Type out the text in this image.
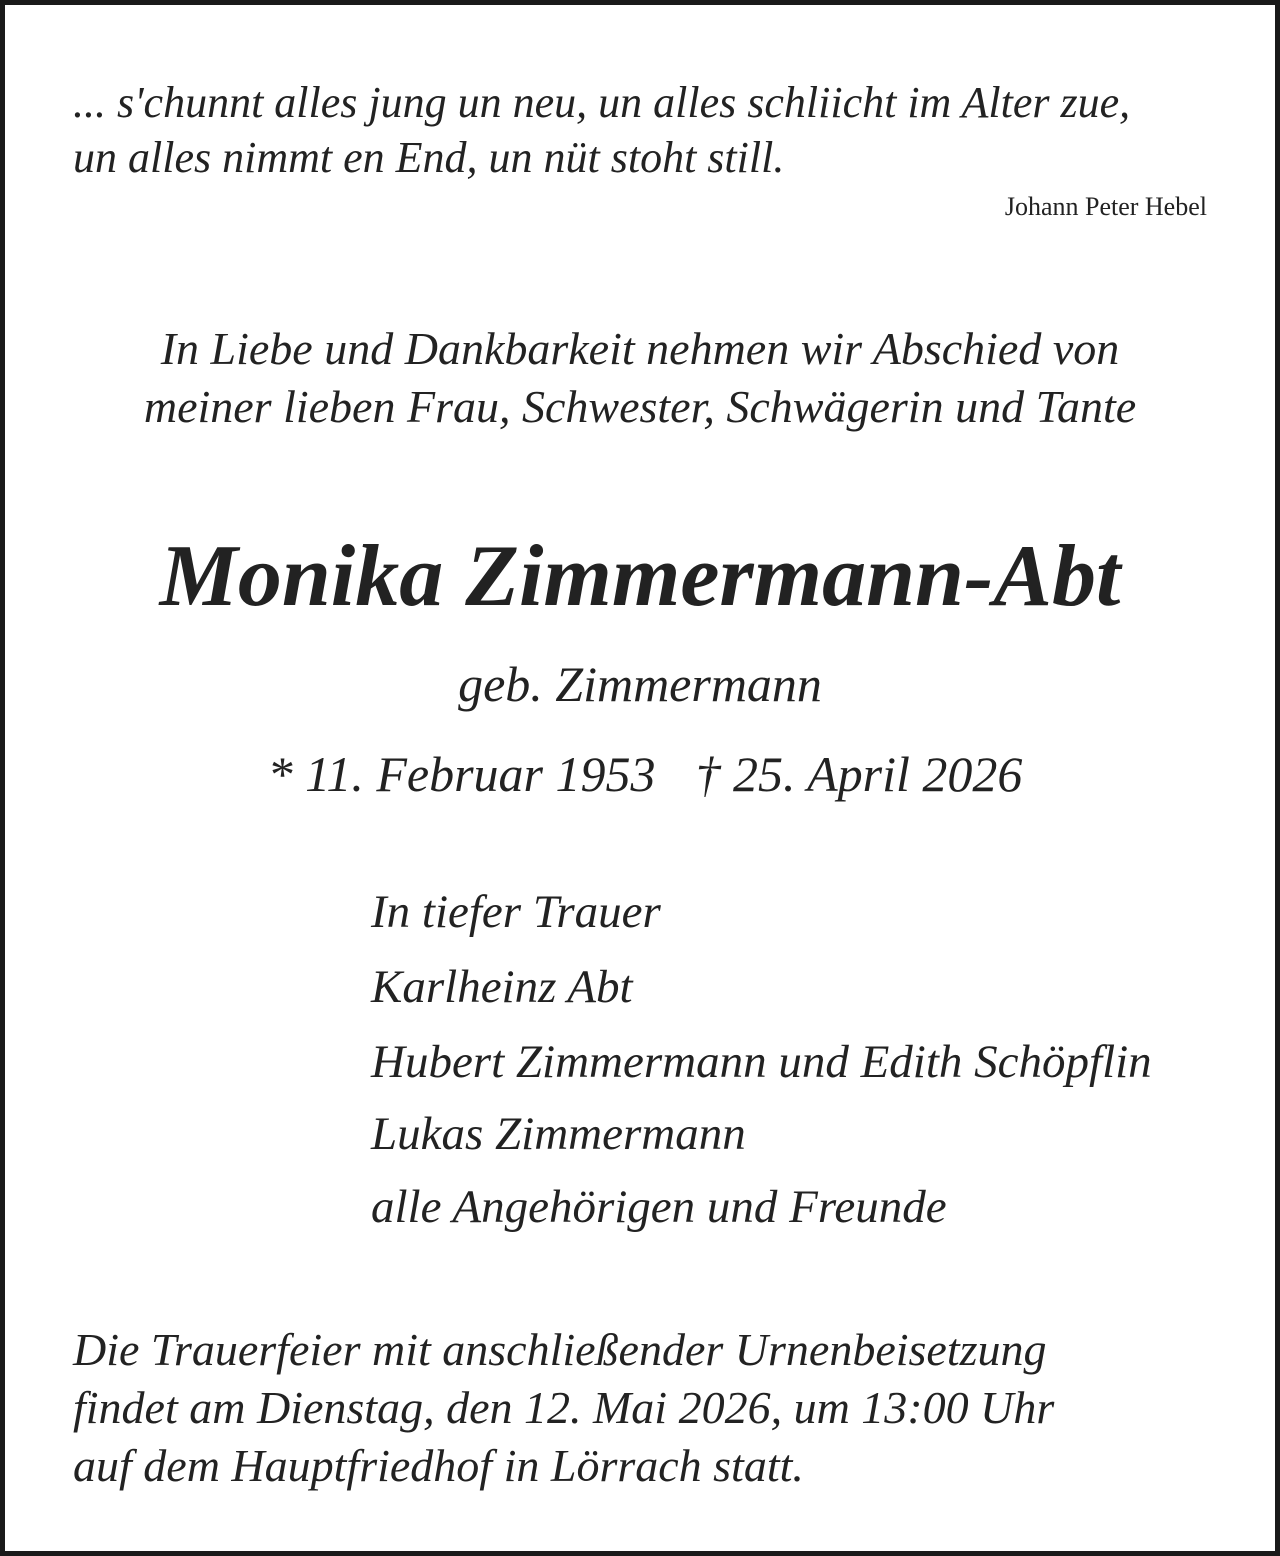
... s'chunnt alles jung un neu, un alles schliicht im Alter zue,

un alles nimmt en End, un nüt stoht still.

Johann Peter Hebel

In Liebe und Dankbarkeit nehmen wir Abschied von

meiner lieben Frau, Schwester, Schwägerin und Tante

Monika Zimmermann-Abt

geb. Zimmermann

* 11. Februar 1953 † 25. April 2026

In tiefer Trauer

Karlheinz Abt

Hubert Zimmermann und Edith Schöpflin

Lukas Zimmermann

alle Angehörigen und Freunde

Die Trauerfeier mit anschließender Urnenbeisetzung

findet am Dienstag, den 12. Mai 2026, um 13:00 Uhr

auf dem Hauptfriedhof in Lörrach statt.
